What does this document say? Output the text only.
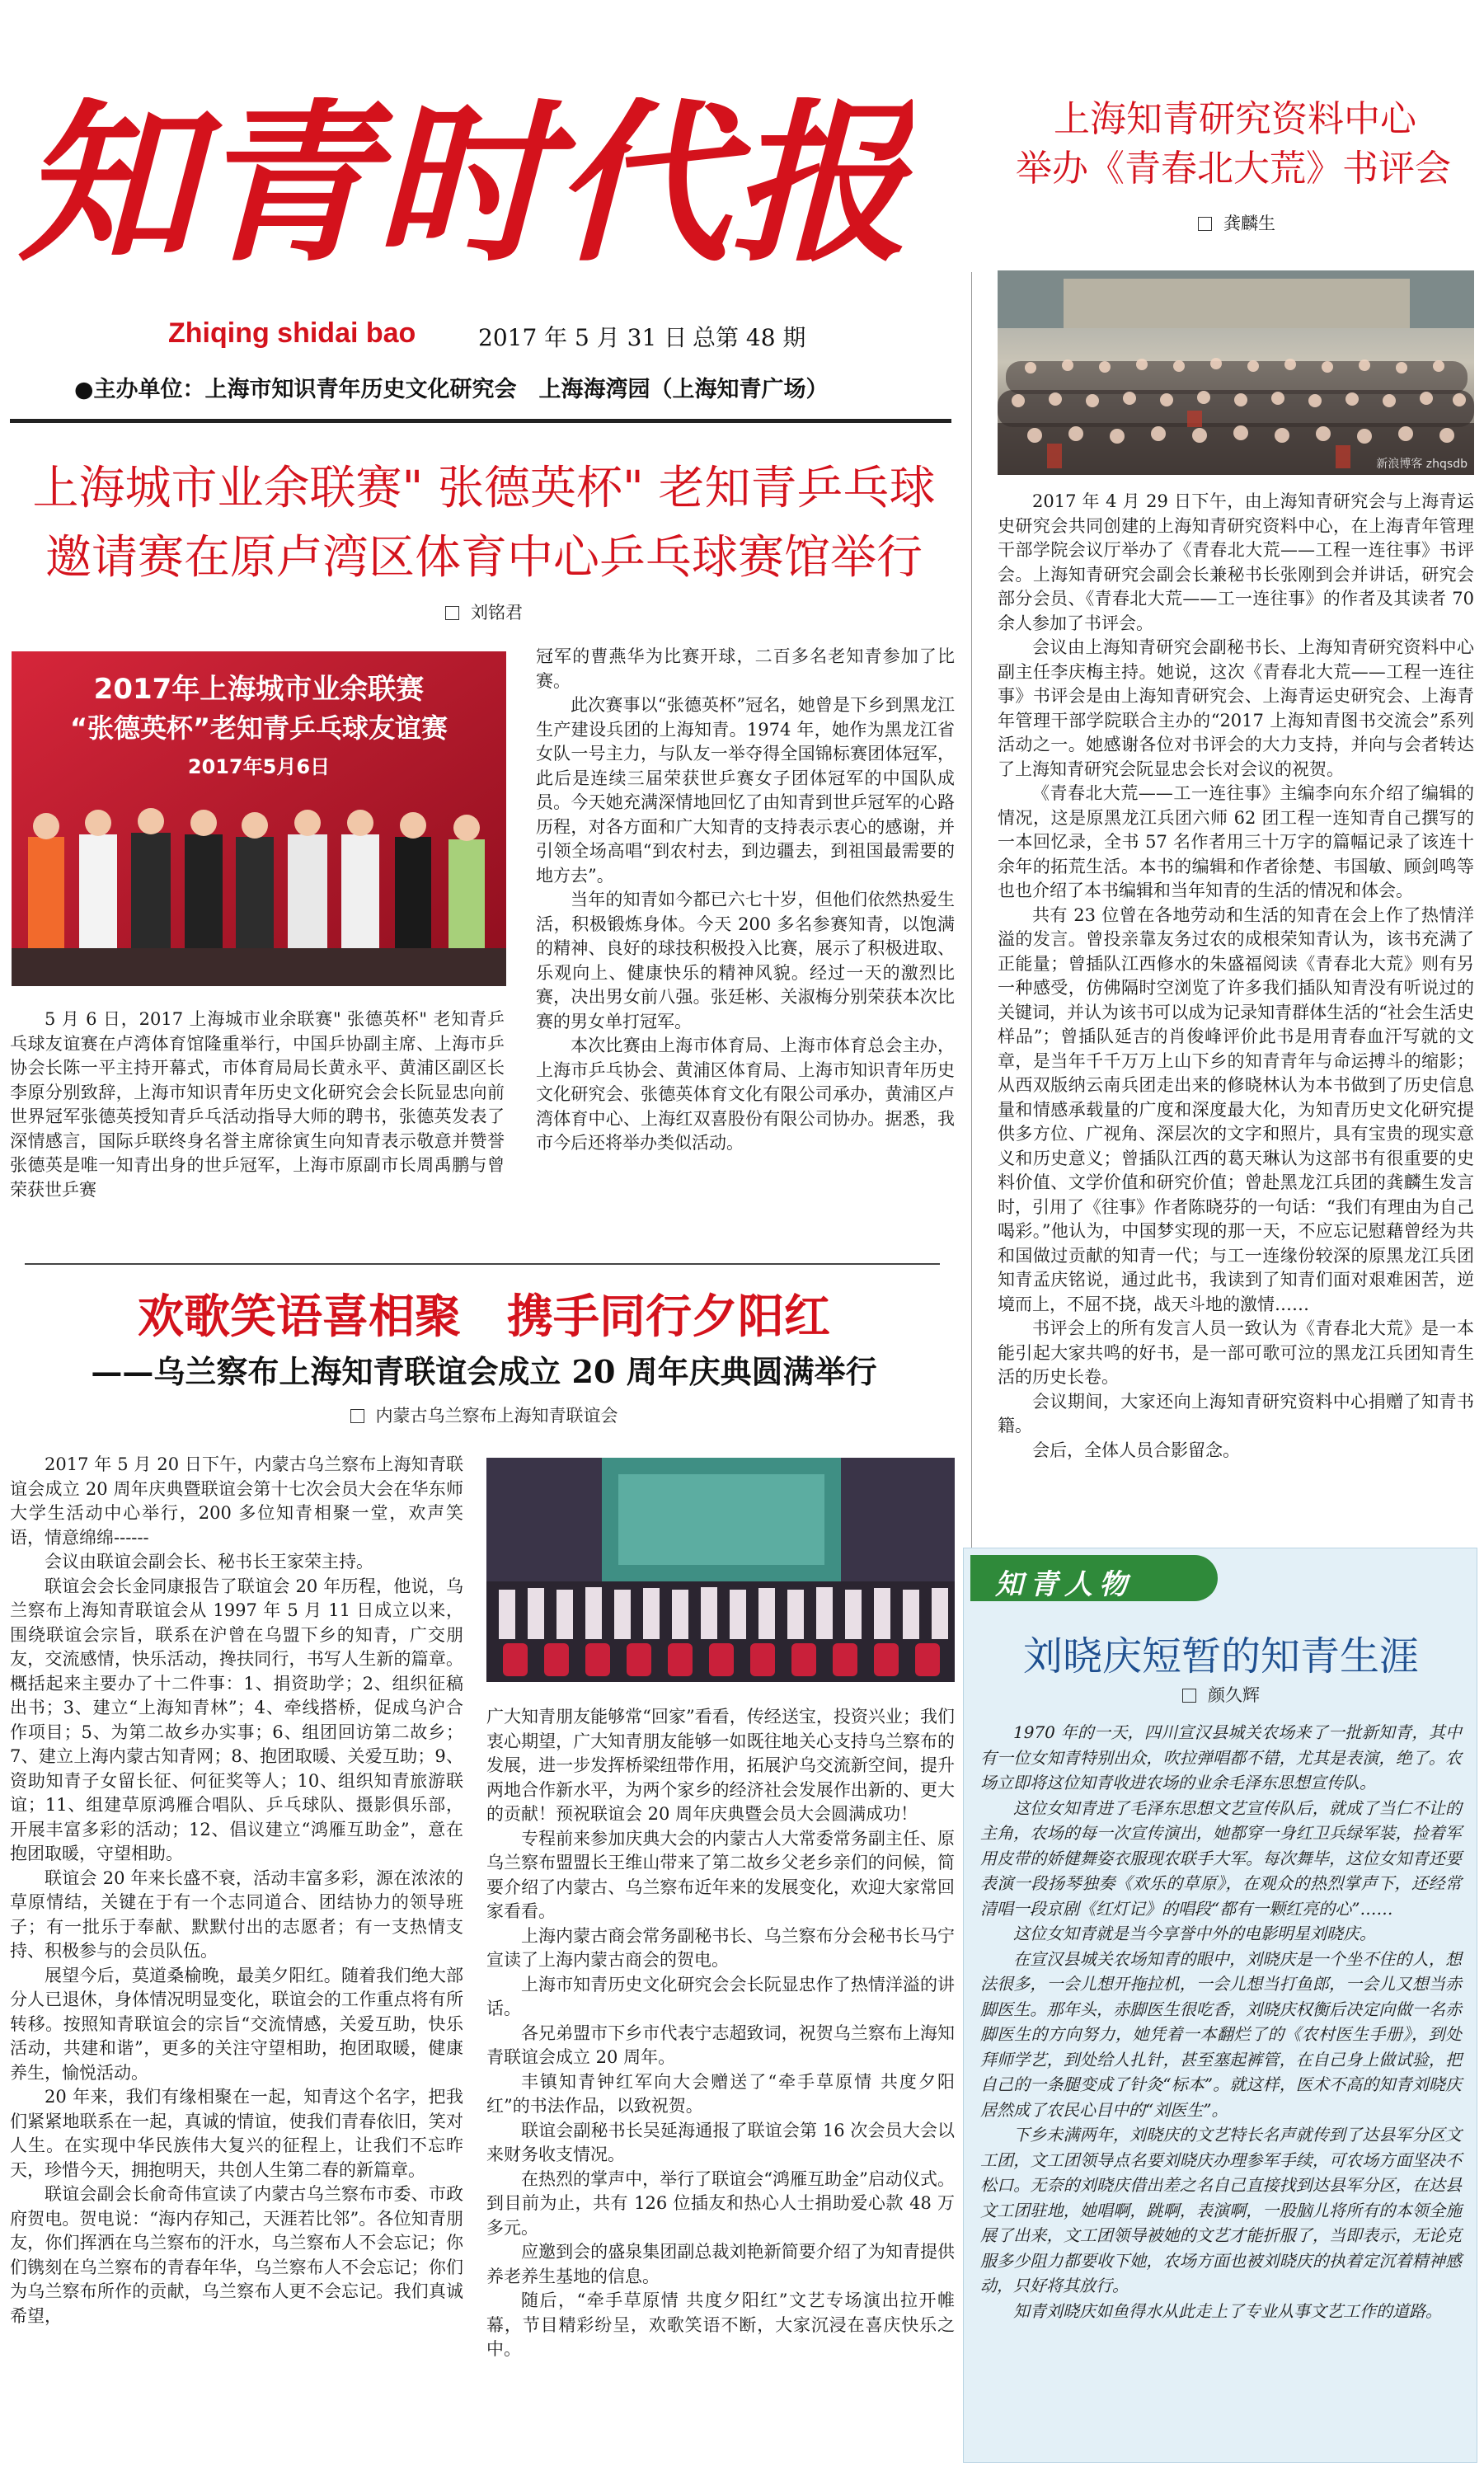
知青时代报
Zhiqing shidai bao	2017 年 5 月 31 日 总第 48 期
●主办单位：上海市知识青年历史文化研究会　上海海湾园（上海知青广场）
上海知青研究资料中心
举办《青春北大荒》书评会
龚麟生
新浪博客 zhqsdb

2017 年 4 月 29 日下午，由上海知青研究会与上海青运史研究会共同创建的上海知青研究资料中心，在上海青年管理干部学院会议厅举办了《青春北大荒——工程一连往事》书评会。上海知青研究会副会长兼秘书长张刚到会并讲话，研究会部分会员、《青春北大荒——工一连往事》的作者及其读者 70 余人参加了书评会。

会议由上海知青研究会副秘书长、上海知青研究资料中心副主任李庆梅主持。她说，这次《青春北大荒——工程一连往事》书评会是由上海知青研究会、上海青运史研究会、上海青年管理干部学院联合主办的“2017 上海知青图书交流会”系列活动之一。她感谢各位对书评会的大力支持，并向与会者转达了上海知青研究会阮显忠会长对会议的祝贺。

《青春北大荒——工一连往事》主编李向东介绍了编辑的情况，这是原黑龙江兵团六师 62 团工程一连知青自己撰写的一本回忆录，全书 57 名作者用三十万字的篇幅记录了该连十余年的拓荒生活。本书的编辑和作者徐楚、韦国敏、顾剑鸣等也也介绍了本书编辑和当年知青的生活的情况和体会。

共有 23 位曾在各地劳动和生活的知青在会上作了热情洋溢的发言。曾投亲靠友务过农的成根荣知青认为，该书充满了正能量；曾插队江西修水的朱盛福阅读《青春北大荒》则有另一种感受，仿佛隔时空浏览了许多我们插队知青没有听说过的关键词，并认为该书可以成为记录知青群体生活的“社会生活史样品”；曾插队延吉的肖俊峰评价此书是用青春血汗写就的文章，是当年千千万万上山下乡的知青青年与命运搏斗的缩影；从西双版纳云南兵团走出来的修晓林认为本书做到了历史信息量和情感承载量的广度和深度最大化，为知青历史文化研究提供多方位、广视角、深层次的文字和照片，具有宝贵的现实意义和历史意义；曾插队江西的葛天琳认为这部书有很重要的史料价值、文学价值和研究价值；曾赴黑龙江兵团的龚麟生发言时，引用了《往事》作者陈晓芬的一句话：“我们有理由为自己喝彩。”他认为，中国梦实现的那一天，不应忘记慰藉曾经为共和国做过贡献的知青一代；与工一连缘份较深的原黑龙江兵团知青孟庆铭说，通过此书，我读到了知青们面对艰难困苦，逆境而上，不屈不挠，战天斗地的激情……

书评会上的所有发言人员一致认为《青春北大荒》是一本能引起大家共鸣的好书，是一部可歌可泣的黑龙江兵团知青生活的历史长卷。

会议期间，大家还向上海知青研究资料中心捐赠了知青书籍。

会后，全体人员合影留念。

上海城市业余联赛" 张德英杯" 老知青乒乓球
邀请赛在原卢湾区体育中心乒乓球赛馆举行
刘铭君
2017年上海城市业余联赛
“张德英杯”老知青乒乓球友谊赛
2017年5月6日

5 月 6 日，2017 上海城市业余联赛" 张德英杯" 老知青乒乓球友谊赛在卢湾体育馆隆重举行，中国乒协副主席、上海市乒协会长陈一平主持开幕式，市体育局局长黄永平、黄浦区副区长李原分别致辞，上海市知识青年历史文化研究会会长阮显忠向前世界冠军张德英授知青乒乓活动指导大师的聘书，张德英发表了深情感言，国际乒联终身名誉主席徐寅生向知青表示敬意并赞誉张德英是唯一知青出身的世乒冠军，上海市原副市长周禹鹏与曾荣获世乒赛

冠军的曹燕华为比赛开球，二百多名老知青参加了比赛。

此次赛事以“张德英杯”冠名，她曾是下乡到黑龙江生产建设兵团的上海知青。1974 年，她作为黑龙江省女队一号主力，与队友一举夺得全国锦标赛团体冠军，此后是连续三届荣获世乒赛女子团体冠军的中国队成员。今天她充满深情地回忆了由知青到世乒冠军的心路历程，对各方面和广大知青的支持表示衷心的感谢，并引领全场高唱“到农村去，到边疆去，到祖国最需要的地方去”。

当年的知青如今都已六七十岁，但他们依然热爱生活，积极锻炼身体。今天 200 多名参赛知青，以饱满的精神、良好的球技积极投入比赛，展示了积极进取、乐观向上、健康快乐的精神风貌。经过一天的激烈比赛，决出男女前八强。张廷彬、关淑梅分别荣获本次比赛的男女单打冠军。

本次比赛由上海市体育局、上海市体育总会主办，上海市乒乓协会、黄浦区体育局、上海市知识青年历史文化研究会、张德英体育文化有限公司承办，黄浦区卢湾体育中心、上海红双喜股份有限公司协办。据悉，我市今后还将举办类似活动。

欢歌笑语喜相聚　携手同行夕阳红
——乌兰察布上海知青联谊会成立 20 周年庆典圆满举行
内蒙古乌兰察布上海知青联谊会

2017 年 5 月 20 日下午，内蒙古乌兰察布上海知青联谊会成立 20 周年庆典暨联谊会第十七次会员大会在华东师大学生活动中心举行，200 多位知青相聚一堂，欢声笑语，情意绵绵------

会议由联谊会副会长、秘书长王家荣主持。

联谊会会长金同康报告了联谊会 20 年历程，他说，乌兰察布上海知青联谊会从 1997 年 5 月 11 日成立以来，围绕联谊会宗旨，联系在沪曾在乌盟下乡的知青，广交朋友，交流感情，快乐活动，搀扶同行，书写人生新的篇章。概括起来主要办了十二件事：1、捐资助学；2、组织征稿出书；3、建立“上海知青林”；4、牵线搭桥，促成乌沪合作项目；5、为第二故乡办实事；6、组团回访第二故乡；7、建立上海内蒙古知青网；8、抱团取暖、关爱互助；9、资助知青子女留长征、何征奖等人；10、组织知青旅游联谊；11、组建草原鸿雁合唱队、乒乓球队、摄影俱乐部，开展丰富多彩的活动；12、倡议建立“鸿雁互助金”，意在抱团取暖，守望相助。

联谊会 20 年来长盛不衰，活动丰富多彩，源在浓浓的草原情结，关键在于有一个志同道合、团结协力的领导班子；有一批乐于奉献、默默付出的志愿者；有一支热情支持、积极参与的会员队伍。

展望今后，莫道桑榆晚，最美夕阳红。随着我们绝大部分人已退休，身体情况明显变化，联谊会的工作重点将有所转移。按照知青联谊会的宗旨“交流情感，关爱互助，快乐活动，共建和谐”，更多的关注守望相助，抱团取暖，健康养生，愉悦活动。

20 年来，我们有缘相聚在一起，知青这个名字，把我们紧紧地联系在一起，真诚的情谊，使我们青春依旧，笑对人生。在实现中华民族伟大复兴的征程上，让我们不忘昨天，珍惜今天，拥抱明天，共创人生第二春的新篇章。

联谊会副会长俞奇伟宣读了内蒙古乌兰察布市委、市政府贺电。贺电说：“海内存知己，天涯若比邻”。各位知青朋友，你们挥洒在乌兰察布的汗水，乌兰察布人不会忘记；你们镌刻在乌兰察布的青春年华，乌兰察布人不会忘记；你们为乌兰察布所作的贡献，乌兰察布人更不会忘记。我们真诚希望，

广大知青朋友能够常“回家”看看，传经送宝，投资兴业；我们衷心期望，广大知青朋友能够一如既往地关心支持乌兰察布的发展，进一步发挥桥梁纽带作用，拓展沪乌交流新空间，提升两地合作新水平，为两个家乡的经济社会发展作出新的、更大的贡献！预祝联谊会 20 周年庆典暨会员大会圆满成功！

专程前来参加庆典大会的内蒙古人大常委常务副主任、原乌兰察布盟盟长王维山带来了第二故乡父老乡亲们的问候，简要介绍了内蒙古、乌兰察布近年来的发展变化，欢迎大家常回家看看。

上海内蒙古商会常务副秘书长、乌兰察布分会秘书长马宁宣读了上海内蒙古商会的贺电。

上海市知青历史文化研究会会长阮显忠作了热情洋溢的讲话。

各兄弟盟市下乡市代表宁志超致词，祝贺乌兰察布上海知青联谊会成立 20 周年。

丰镇知青钟红军向大会赠送了“牵手草原情 共度夕阳红”的书法作品，以致祝贺。

联谊会副秘书长吴延海通报了联谊会第 16 次会员大会以来财务收支情况。

在热烈的掌声中，举行了联谊会“鸿雁互助金”启动仪式。到目前为止，共有 126 位插友和热心人士捐助爱心款 48 万多元。

应邀到会的盛泉集团副总裁刘艳新简要介绍了为知青提供养老养生基地的信息。

随后，“牵手草原情 共度夕阳红”文艺专场演出拉开帷幕，节目精彩纷呈，欢歌笑语不断，大家沉浸在喜庆快乐之中。

知青人物
刘晓庆短暂的知青生涯
颜久辉

1970 年的一天，四川宣汉县城关农场来了一批新知青，其中有一位女知青特别出众，吹拉弹唱都不错，尤其是表演，绝了。农场立即将这位知青收进农场的业余毛泽东思想宣传队。

这位女知青进了毛泽东思想文艺宣传队后，就成了当仁不让的主角，农场的每一次宣传演出，她都穿一身红卫兵绿军装，捡着军用皮带的娇健舞姿衣服现农联手大军。每次舞毕，这位女知青还要表演一段扬琴独奏《欢乐的草原》，在观众的热烈掌声下，还经常清唱一段京剧《红灯记》的唱段“都有一颗红亮的心”……

这位女知青就是当今享誉中外的电影明星刘晓庆。

在宣汉县城关农场知青的眼中，刘晓庆是一个坐不住的人，想法很多，一会儿想开拖拉机，一会儿想当打鱼郎，一会儿又想当赤脚医生。那年头，赤脚医生很吃香，刘晓庆权衡后决定向做一名赤脚医生的方向努力，她凭着一本翻烂了的《农村医生手册》，到处拜师学艺，到处给人扎针，甚至塞起裤管，在自己身上做试验，把自己的一条腿变成了针灸“标本”。就这样，医术不高的知青刘晓庆居然成了农民心目中的“刘医生”。

下乡未满两年，刘晓庆的文艺特长名声就传到了达县军分区文工团，文工团领导点名要刘晓庆办理参军手续，可农场方面坚决不松口。无奈的刘晓庆借出差之名自己直接找到达县军分区，在达县文工团驻地，她唱啊，跳啊，表演啊，一股脑儿将所有的本领全施展了出来，文工团领导被她的文艺才能折服了，当即表示，无论克服多少阻力都要收下她，农场方面也被刘晓庆的执着定沉着精神感动，只好将其放行。

知青刘晓庆如鱼得水从此走上了专业从事文艺工作的道路。
